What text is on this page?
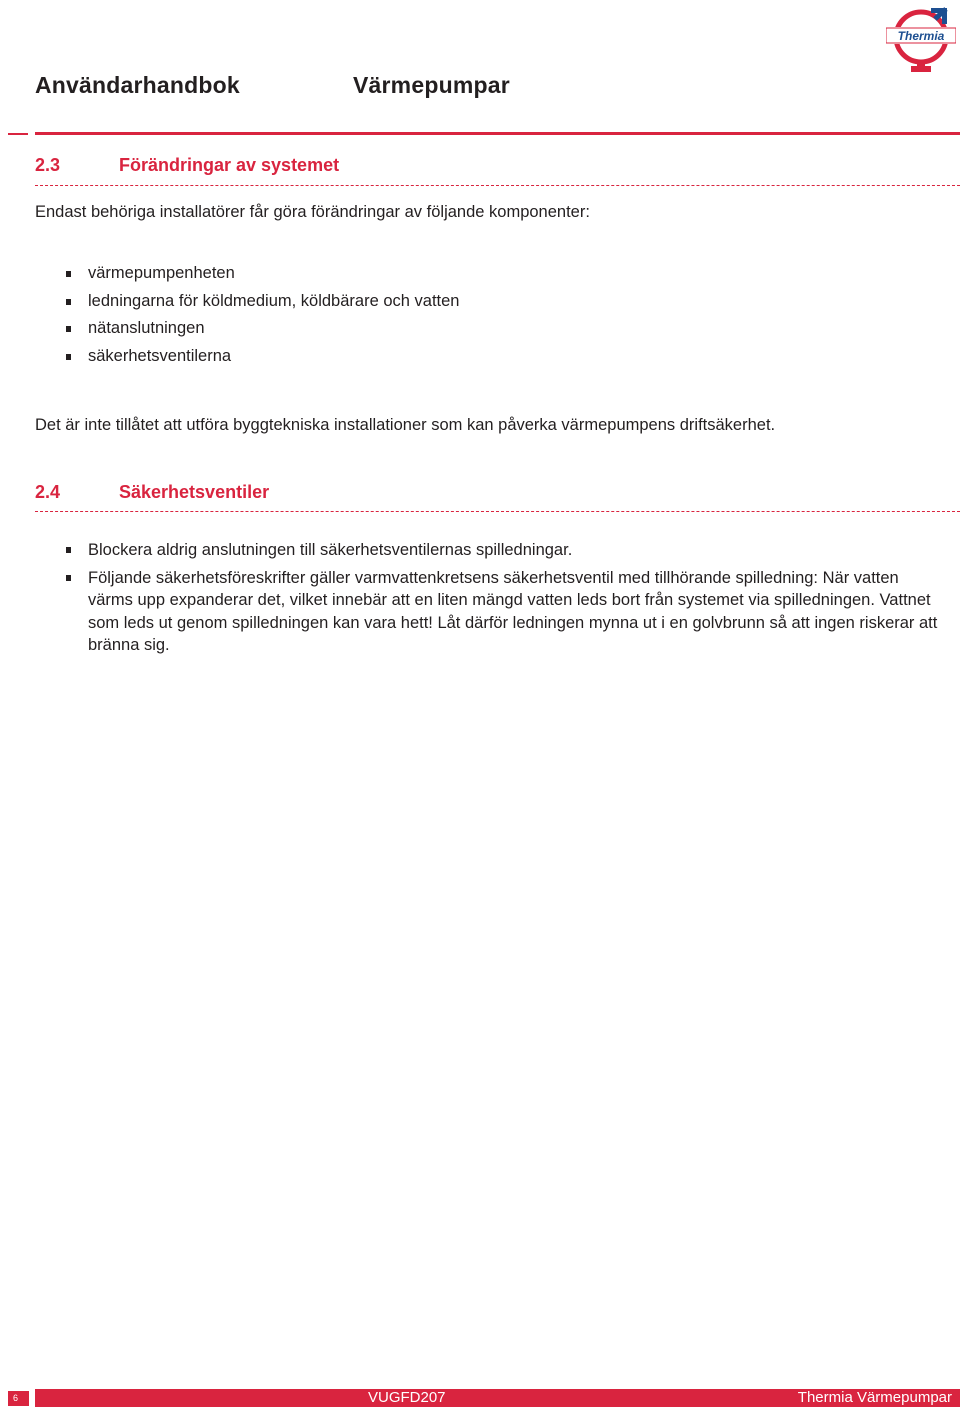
Användarhandbok	Värmepumpar
Thermia
2.3	Förändringar av systemet
Endast behöriga installatörer får göra förändringar av följande komponenter:
värmepumpenheten
ledningarna för köldmedium, köldbärare och vatten
nätanslutningen
säkerhetsventilerna
Det är inte tillåtet att utföra byggtekniska installationer som kan påverka värmepumpens driftsäkerhet.
2.4	Säkerhetsventiler
Blockera aldrig anslutningen till säkerhetsventilernas spilledningar.
Följande säkerhetsföreskrifter gäller varmvattenkretsens säkerhetsventil med tillhörande spilledning: När vatten värms upp expanderar det, vilket innebär att en liten mängd vatten leds bort från systemet via spilledningen. Vattnet som leds ut genom spilledningen kan vara hett! Låt därför ledningen mynna ut i en golvbrunn så att ingen riskerar att bränna sig.
6	VUGFD207	Thermia Värmepumpar
